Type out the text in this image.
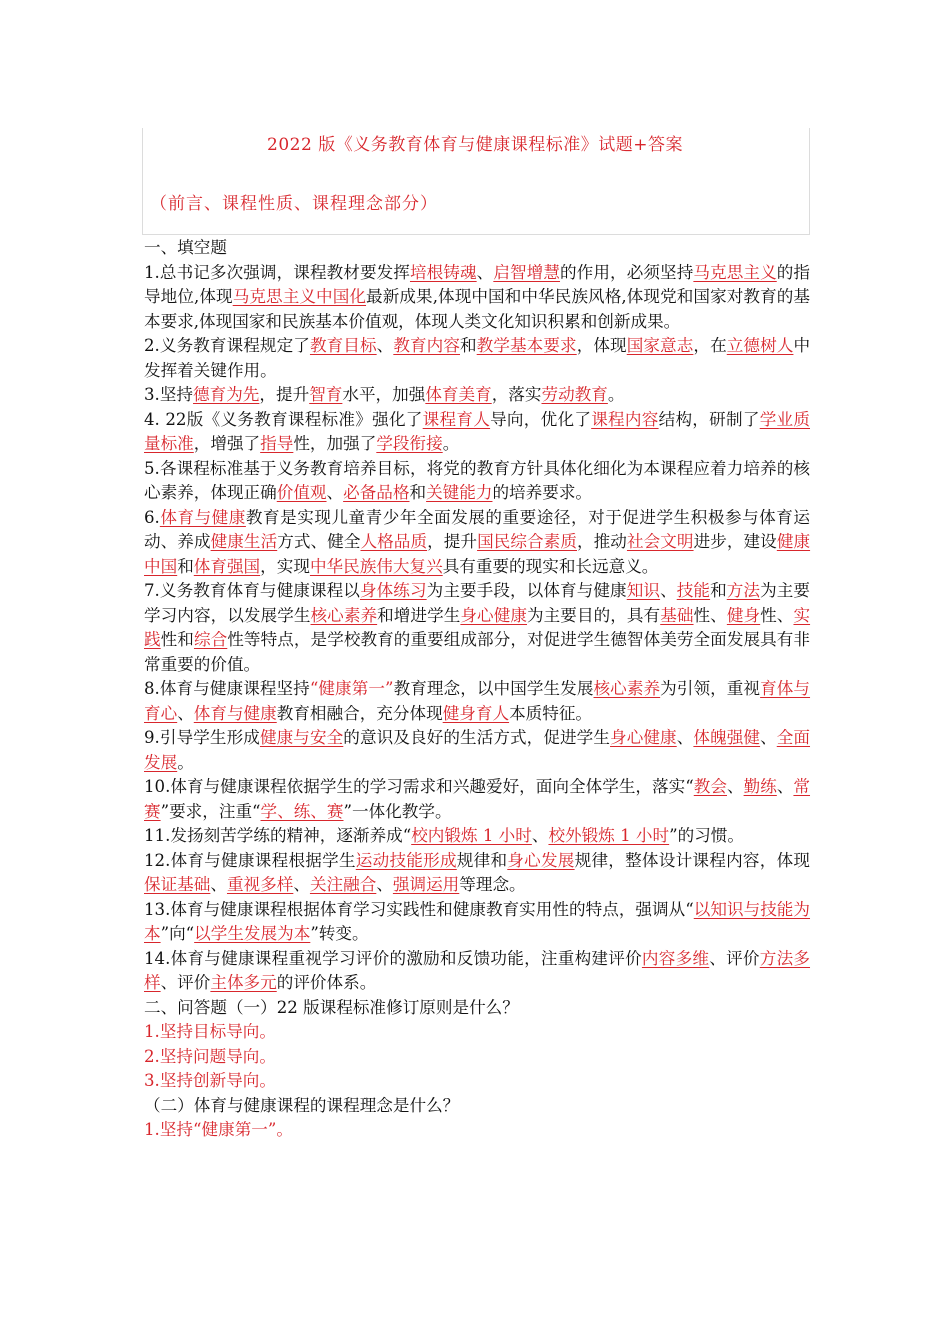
2022 版《义务教育体育与健康课程标准》试题+答案
（前言、课程性质、课程理念部分）

一、填空题

1.总书记多次强调，课程教材要发挥培根铸魂、启智增慧的作用，必须坚持马克思主义的指导地位,体现马克思主义中国化最新成果,体现中国和中华民族风格,体现党和国家对教育的基本要求,体现国家和民族基本价值观，体现人类文化知识积累和创新成果。

2.义务教育课程规定了教育目标、教育内容和教学基本要求，体现国家意志，在立德树人中发挥着关键作用。

3.坚持德育为先，提升智育水平，加强体育美育，落实劳动教育。

4. 22版《义务教育课程标准》强化了课程育人导向，优化了课程内容结构，研制了学业质量标准，增强了指导性，加强了学段衔接。

5.各课程标准基于义务教育培养目标，将党的教育方针具体化细化为本课程应着力培养的核心素养，体现正确价值观、必备品格和关键能力的培养要求。

6.体育与健康教育是实现儿童青少年全面发展的重要途径，对于促进学生积极参与体育运动、养成健康生活方式、健全人格品质，提升国民综合素质，推动社会文明进步，建设健康中国和体育强国，实现中华民族伟大复兴具有重要的现实和长远意义。

7.义务教育体育与健康课程以身体练习为主要手段，以体育与健康知识、技能和方法为主要学习内容，以发展学生核心素养和增进学生身心健康为主要目的，具有基础性、健身性、实践性和综合性等特点，是学校教育的重要组成部分，对促进学生德智体美劳全面发展具有非常重要的价值。

8.体育与健康课程坚持“健康第一”教育理念，以中国学生发展核心素养为引领，重视育体与育心、体育与健康教育相融合，充分体现健身育人本质特征。

9.引导学生形成健康与安全的意识及良好的生活方式，促进学生身心健康、体魄强健、全面发展。

10.体育与健康课程依据学生的学习需求和兴趣爱好，面向全体学生，落实“教会、勤练、常赛”要求，注重“学、练、赛”一体化教学。

11.发扬刻苦学练的精神，逐渐养成“校内锻炼 1 小时、校外锻炼 1 小时”的习惯。

12.体育与健康课程根据学生运动技能形成规律和身心发展规律，整体设计课程内容，体现保证基础、重视多样、关注融合、强调运用等理念。

13.体育与健康课程根据体育学习实践性和健康教育实用性的特点，强调从“以知识与技能为本”向“以学生发展为本”转变。

14.体育与健康课程重视学习评价的激励和反馈功能，注重构建评价内容多维、评价方法多样、评价主体多元的评价体系。

二、问答题（一）22 版课程标准修订原则是什么？

1.坚持目标导向。

2.坚持问题导向。

3.坚持创新导向。

（二）体育与健康课程的课程理念是什么？

1.坚持“健康第一”。
